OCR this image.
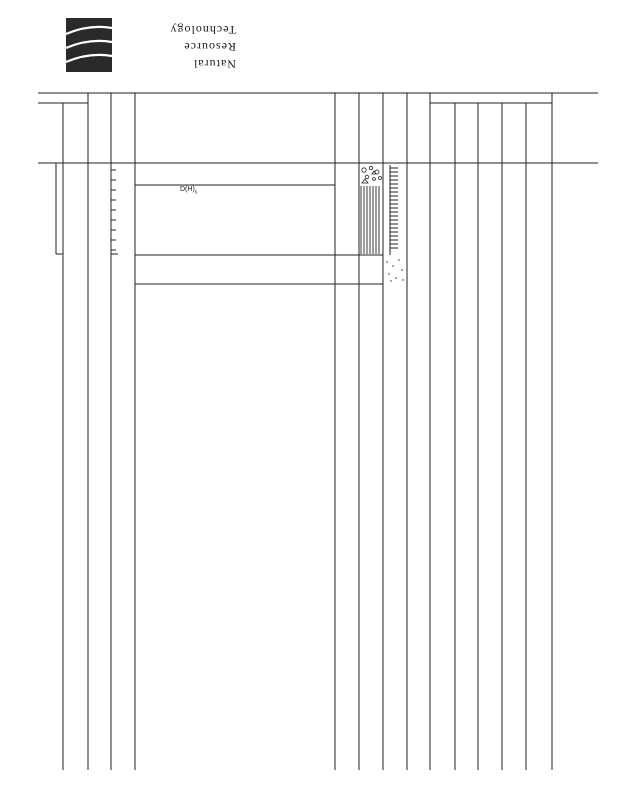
Natural
Resource
Technology
$D(H)_s$
